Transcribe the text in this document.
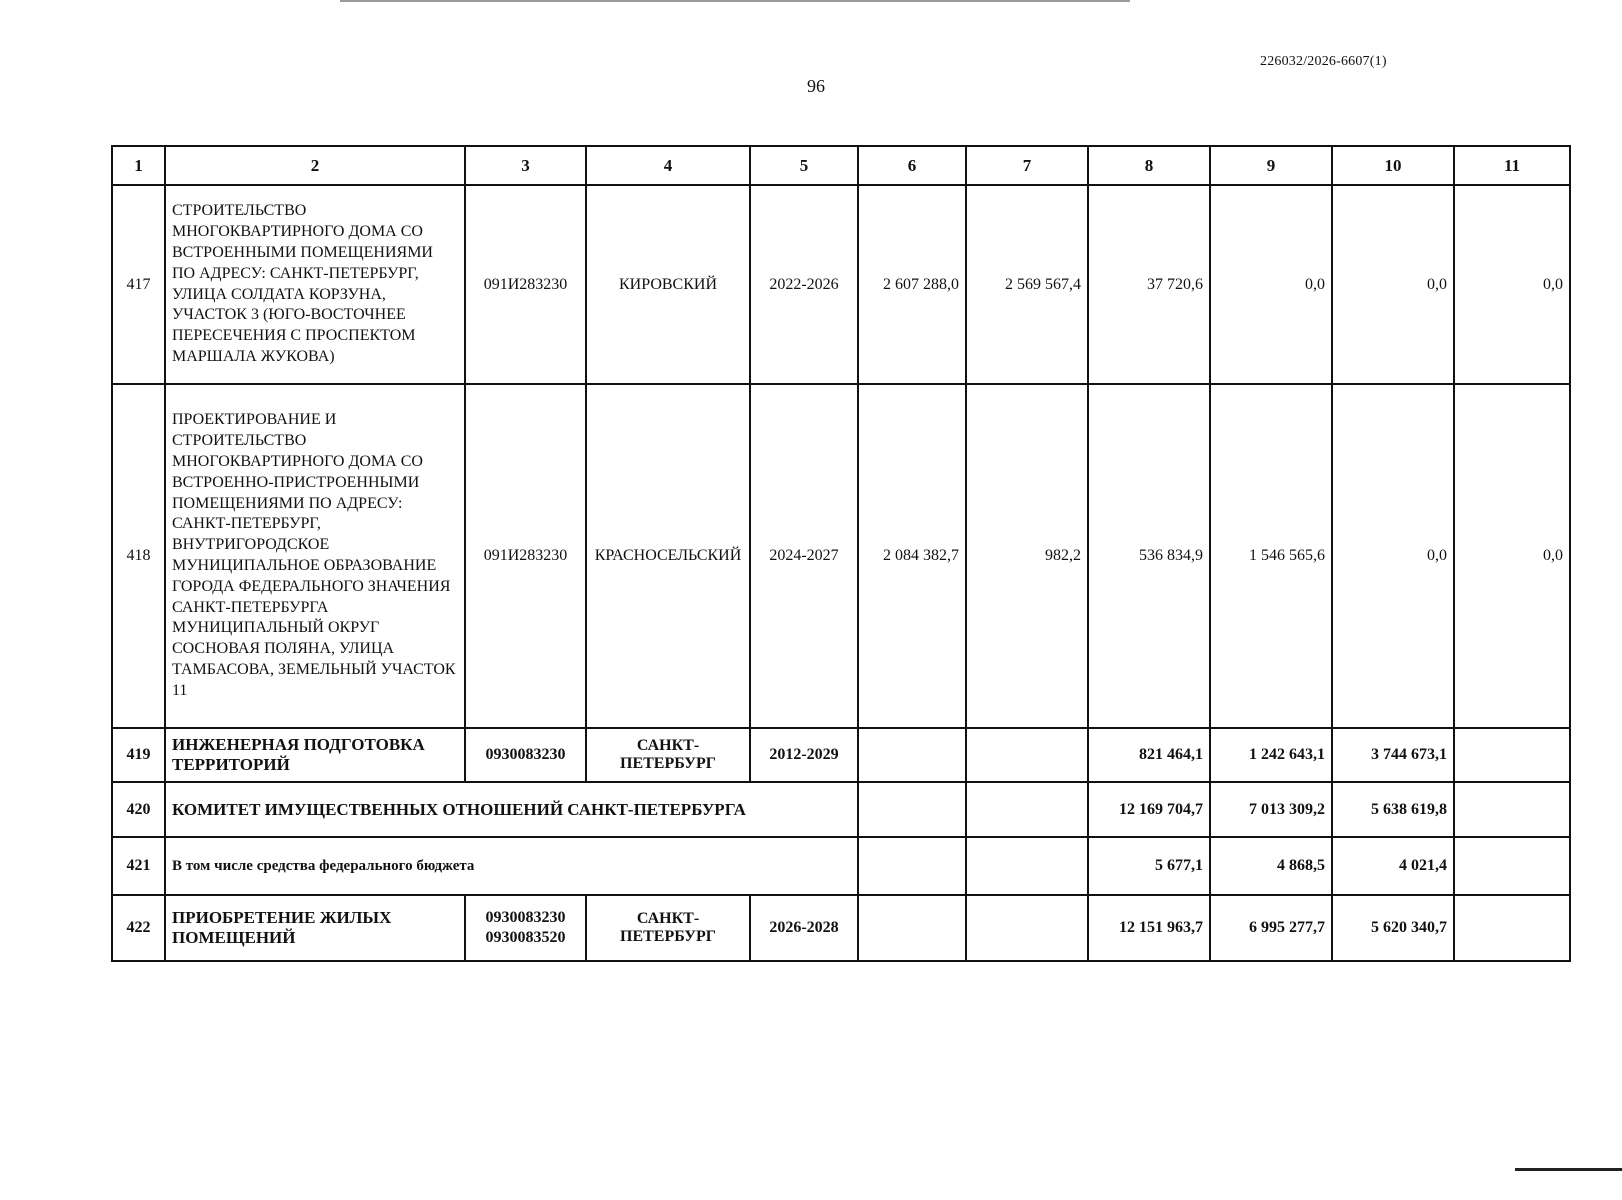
226032/2026-6607(1)
96
1	2	3	4	5	6	7	8	9	10	11
417	СТРОИТЕЛЬСТВО МНОГОКВАРТИРНОГО ДОМА СО ВСТРОЕННЫМИ ПОМЕЩЕНИЯМИ ПО АДРЕСУ: САНКТ-ПЕТЕРБУРГ, УЛИЦА СОЛДАТА КОРЗУНА, УЧАСТОК 3 (ЮГО-ВОСТОЧНЕЕ ПЕРЕСЕЧЕНИЯ С ПРОСПЕКТОМ МАРШАЛА ЖУКОВА)	091И283230	КИРОВСКИЙ	2022-2026	2 607 288,0	2 569 567,4	37 720,6	0,0	0,0	0,0
418	ПРОЕКТИРОВАНИЕ И СТРОИТЕЛЬСТВО МНОГОКВАРТИРНОГО ДОМА СО ВСТРОЕННО-ПРИСТРОЕННЫМИ ПОМЕЩЕНИЯМИ ПО АДРЕСУ: САНКТ-ПЕТЕРБУРГ, ВНУТРИГОРОДСКОЕ МУНИЦИПАЛЬНОЕ ОБРАЗОВАНИЕ ГОРОДА ФЕДЕРАЛЬНОГО ЗНАЧЕНИЯ САНКТ-ПЕТЕРБУРГА МУНИЦИПАЛЬНЫЙ ОКРУГ СОСНОВАЯ ПОЛЯНА, УЛИЦА ТАМБАСОВА, ЗЕМЕЛЬНЫЙ УЧАСТОК 11	091И283230	КРАСНОСЕЛЬСКИЙ	2024-2027	2 084 382,7	982,2	536 834,9	1 546 565,6	0,0	0,0
419	ИНЖЕНЕРНАЯ ПОДГОТОВКА ТЕРРИТОРИЙ	0930083230	САНКТ-ПЕТЕРБУРГ	2012-2029			821 464,1	1 242 643,1	3 744 673,1	
420	КОМИТЕТ ИМУЩЕСТВЕННЫХ ОТНОШЕНИЙ САНКТ-ПЕТЕРБУРГА						12 169 704,7	7 013 309,2	5 638 619,8	
421	В том числе средства федерального бюджета						5 677,1	4 868,5	4 021,4	
422	ПРИОБРЕТЕНИЕ ЖИЛЫХ ПОМЕЩЕНИЙ	0930083230
0930083520	САНКТ-ПЕТЕРБУРГ	2026-2028			12 151 963,7	6 995 277,7	5 620 340,7	
